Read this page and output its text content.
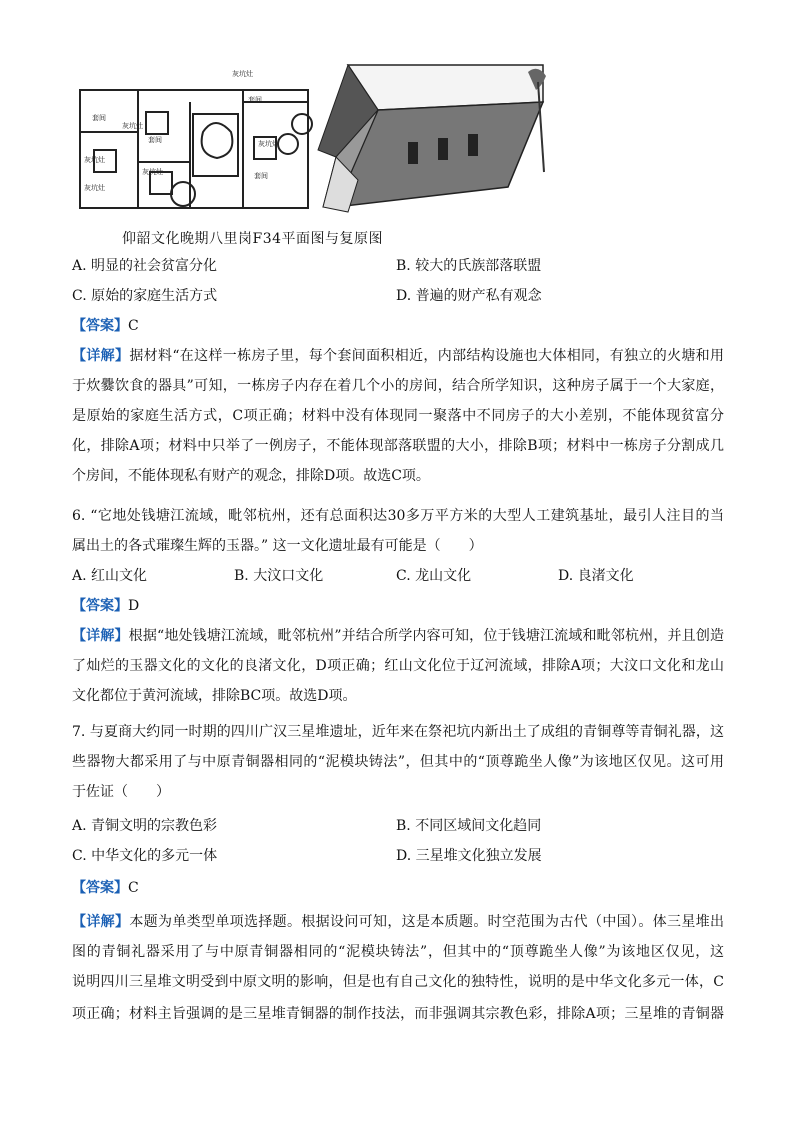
灰坑灶
套间
灰坑灶
套间
灰坑灶
灰坑灶
套间
灰坑灶
灰坑灶
套间
仰韶文化晚期八里岗F34平面图与复原图
A. 明显的社会贫富分化	B. 较大的氏族部落联盟
C. 原始的家庭生活方式	D. 普遍的财产私有观念
【答案】C
【详解】据材料“在这样一栋房子里，每个套间面积相近，内部结构设施也大体相同，有独立的火塘和用
于炊爨饮食的器具”可知，一栋房子内存在着几个小的房间，结合所学知识，这种房子属于一个大家庭，
是原始的家庭生活方式，C项正确；材料中没有体现同一聚落中不同房子的大小差别，不能体现贫富分
化，排除A项；材料中只举了一例房子，不能体现部落联盟的大小，排除B项；材料中一栋房子分割成几
个房间，不能体现私有财产的观念，排除D项。故选C项。
6. “它地处钱塘江流域，毗邻杭州，还有总面积达30多万平方米的大型人工建筑基址，最引人注目的当
属出土的各式璀璨生辉的玉器。” 这一文化遗址最有可能是（　　）
A. 红山文化	B. 大汶口文化	C. 龙山文化	D. 良渚文化
【答案】D
【详解】根据“地处钱塘江流域，毗邻杭州”并结合所学内容可知，位于钱塘江流域和毗邻杭州，并且创造
了灿烂的玉器文化的文化的良渚文化，D项正确；红山文化位于辽河流域，排除A项；大汶口文化和龙山
文化都位于黄河流域，排除BC项。故选D项。
7. 与夏商大约同一时期的四川广汉三星堆遗址，近年来在祭祀坑内新出土了成组的青铜尊等青铜礼器，这
些器物大都采用了与中原青铜器相同的“泥模块铸法”，但其中的“顶尊跪坐人像”为该地区仅见。这可用
于佐证（　　）
A. 青铜文明的宗教色彩	B. 不同区域间文化趋同
C. 中华文化的多元一体	D. 三星堆文化独立发展
【答案】C
【详解】本题为单类型单项选择题。根据设问可知，这是本质题。时空范围为古代（中国）。体三星堆出
图的青铜礼器采用了与中原青铜器相同的“泥模块铸法”，但其中的“顶尊跪坐人像”为该地区仅见，这
说明四川三星堆文明受到中原文明的影响，但是也有自己文化的独特性，说明的是中华文化多元一体，C
项正确；材料主旨强调的是三星堆青铜器的制作技法，而非强调其宗教色彩，排除A项；三星堆的青铜器
